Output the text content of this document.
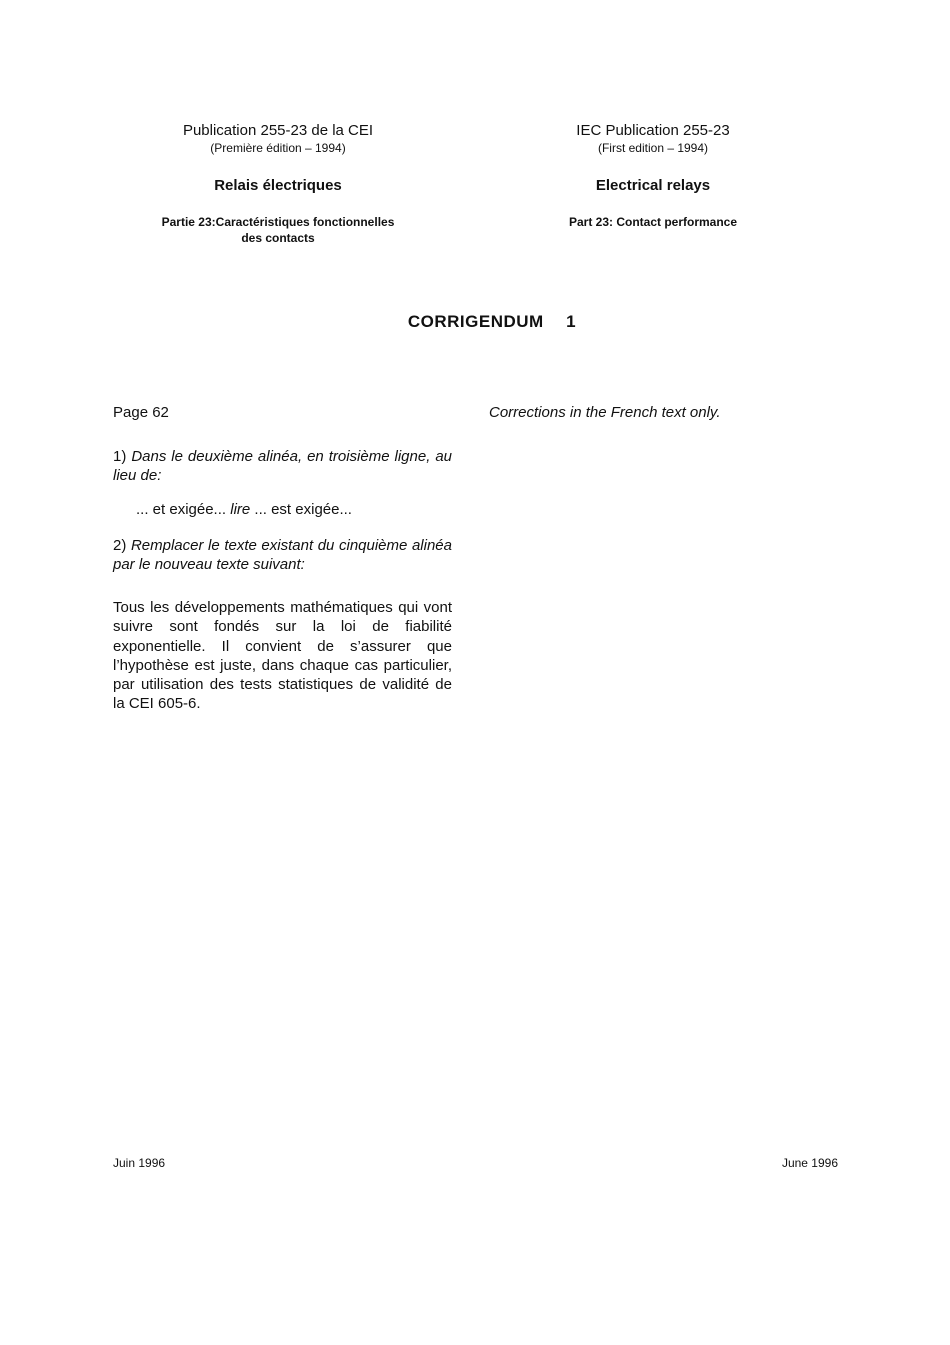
Publication 255-23 de la CEI
(Première édition – 1994)
Relais électriques
Partie 23:Caractéristiques fonctionnelles
des contacts
IEC Publication 255-23
(First edition – 1994)
Electrical relays
Part 23: Contact performance
CORRIGENDUM  1
Page 62	Corrections in the French text only.
1) Dans le deuxième alinéa, en troisième ligne, au lieu de:
... et exigée... lire ... est exigée...
2) Remplacer le texte existant du cinquième alinéa par le nouveau texte suivant:
Tous les développements mathématiques qui vont suivre sont fondés sur la loi de fiabilité exponentielle. Il convient de s’assurer que l’hypothèse est juste, dans chaque cas particulier, par utilisation des tests statistiques de validité de la CEI 605-6.
Juin 1996	June 1996
